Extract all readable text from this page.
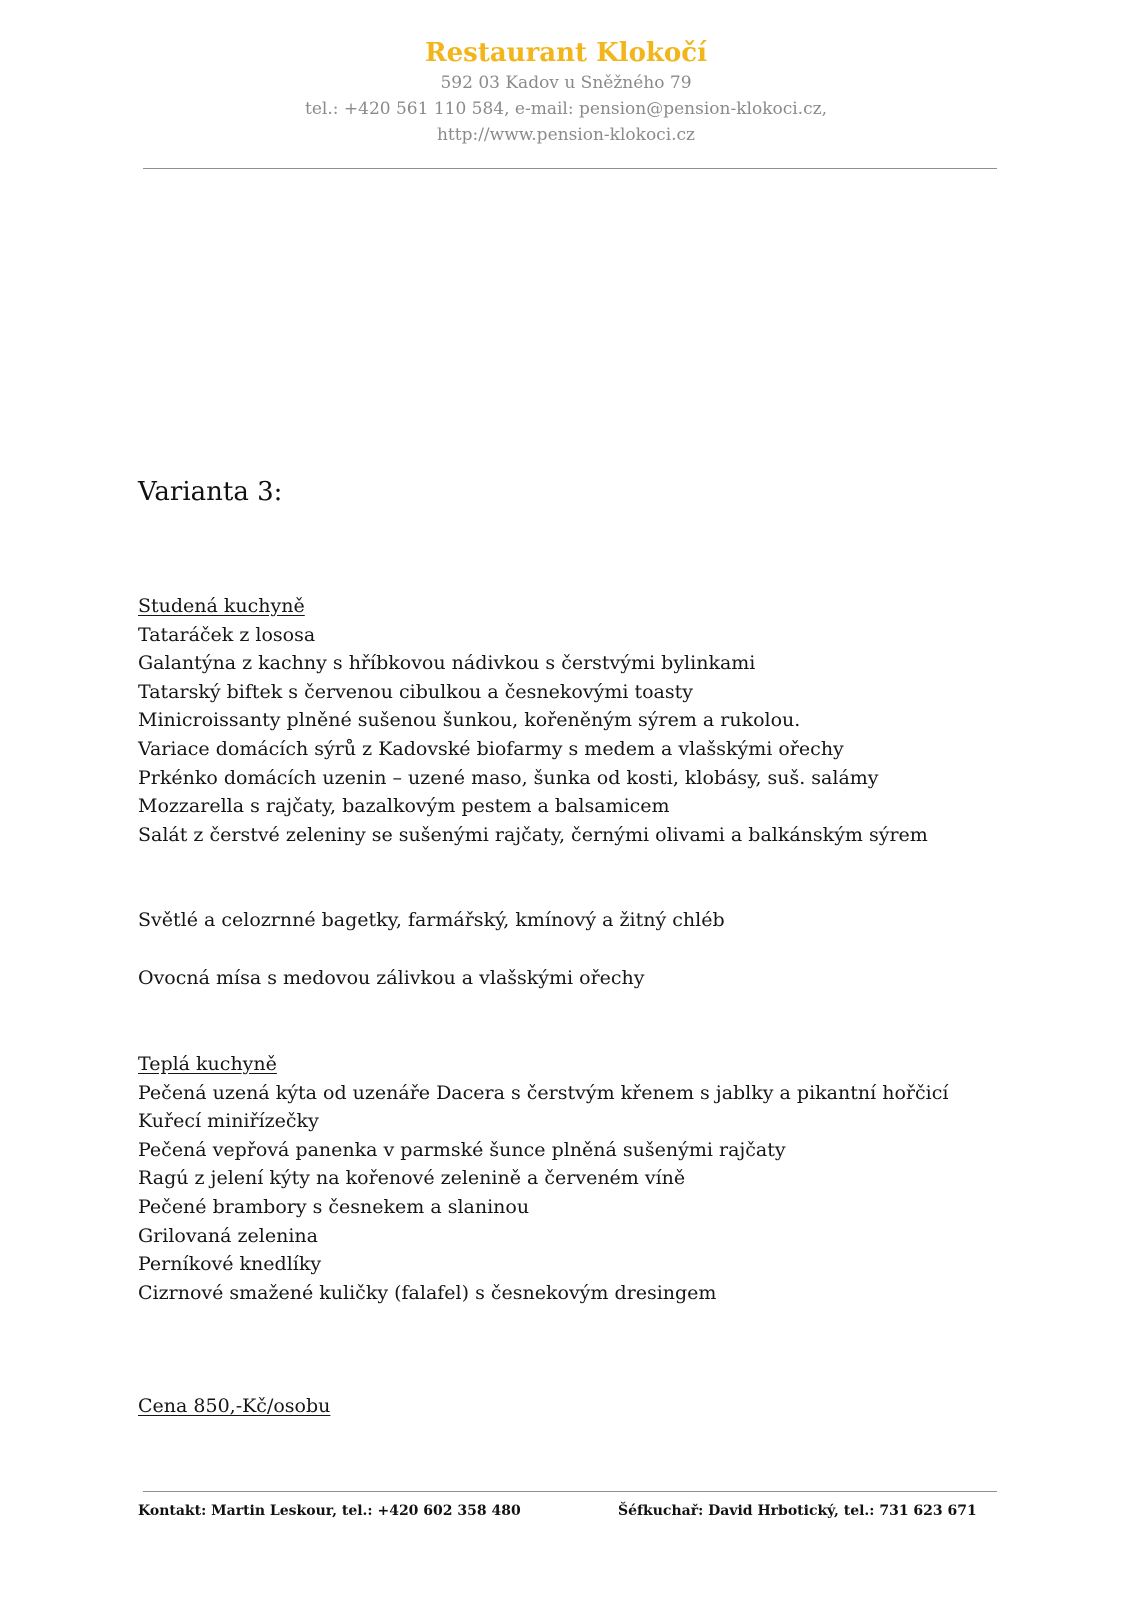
Restaurant Klokočí
592 03 Kadov u Sněžného 79
tel.: +420 561 110 584, e-mail: pension@pension-klokoci.cz,
http://www.pension-klokoci.cz
Varianta 3:
Studená kuchyně
Tataráček z lososa
Galantýna z kachny s hříbkovou nádivkou s čerstvými bylinkami
Tatarský biftek s červenou cibulkou a česnekovými toasty
Minicroissanty plněné sušenou šunkou, kořeněným sýrem a rukolou.
Variace domácích sýrů z Kadovské biofarmy s medem a vlašskými ořechy
Prkénko domácích uzenin – uzené maso, šunka od kosti, klobásy, suš. salámy
Mozzarella s rajčaty, bazalkovým pestem a balsamicem
Salát z čerstvé zeleniny se sušenými rajčaty, černými olivami a balkánským sýrem
Světlé a celozrnné bagetky, farmářský, kmínový a žitný chléb
Ovocná mísa s medovou zálivkou a vlašskými ořechy
Teplá kuchyně
Pečená uzená kýta od uzenáře Dacera s čerstvým křenem s jablky a pikantní hořčicí
Kuřecí miniřízečky
Pečená vepřová panenka v parmské šunce plněná sušenými rajčaty
Ragú z jelení kýty na kořenové zelenině a červeném víně
Pečené brambory s česnekem a slaninou
Grilovaná zelenina
Perníkové knedlíky
Cizrnové smažené kuličky (falafel) s česnekovým dresingem
Cena 850,-Kč/osobu
Kontakt: Martin Leskour, tel.: +420 602 358 480	Šéfkuchař: David Hrbotický, tel.: 731 623 671
